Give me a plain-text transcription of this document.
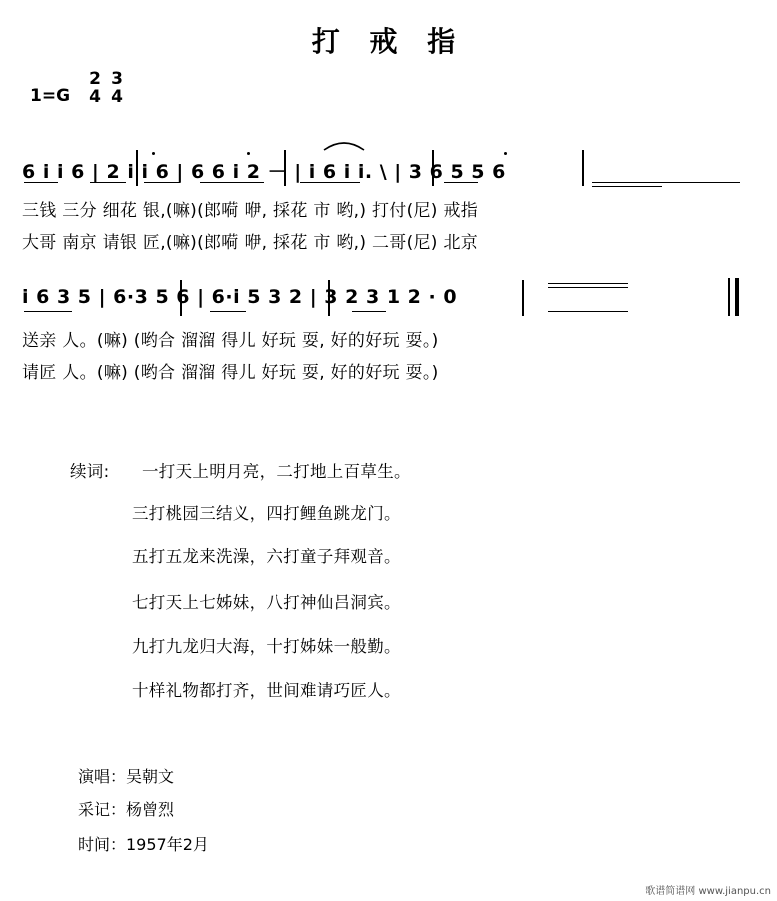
打 戒 指
1=G
2
4
3
4
6 i i 6 | 2 i i 6 | 6 6 i 2 － | i 6 i i. \ | 3 6 5 5 6
三钱 三分 细花 银,(嘛)(郎嗬 咿, 採花 市 哟,) 打付(尼) 戒指
大哥 南京 请银 匠,(嘛)(郎嗬 咿, 採花 市 哟,) 二哥(尼) 北京
i 6 3 5 | 6·3 5 6 | 6·i 5 3 2 | 3 2 3 1 2 · 0
送亲 人。(嘛) (哟合 溜溜 得儿 好玩 耍, 好的好玩 耍。)
请匠 人。(嘛) (哟合 溜溜 得儿 好玩 耍, 好的好玩 耍。)
续词: 一打天上明月亮，二打地上百草生。
三打桃园三结义，四打鲤鱼跳龙门。
五打五龙来洗澡，六打童子拜观音。
七打天上七姊妹，八打神仙吕洞宾。
九打九龙归大海，十打姊妹一般勤。
十样礼物都打齐，世间难请巧匠人。
演唱：吴朝文
采记：杨曾烈
时间：1957年2月
歌谱简谱网 www.jianpu.cn
